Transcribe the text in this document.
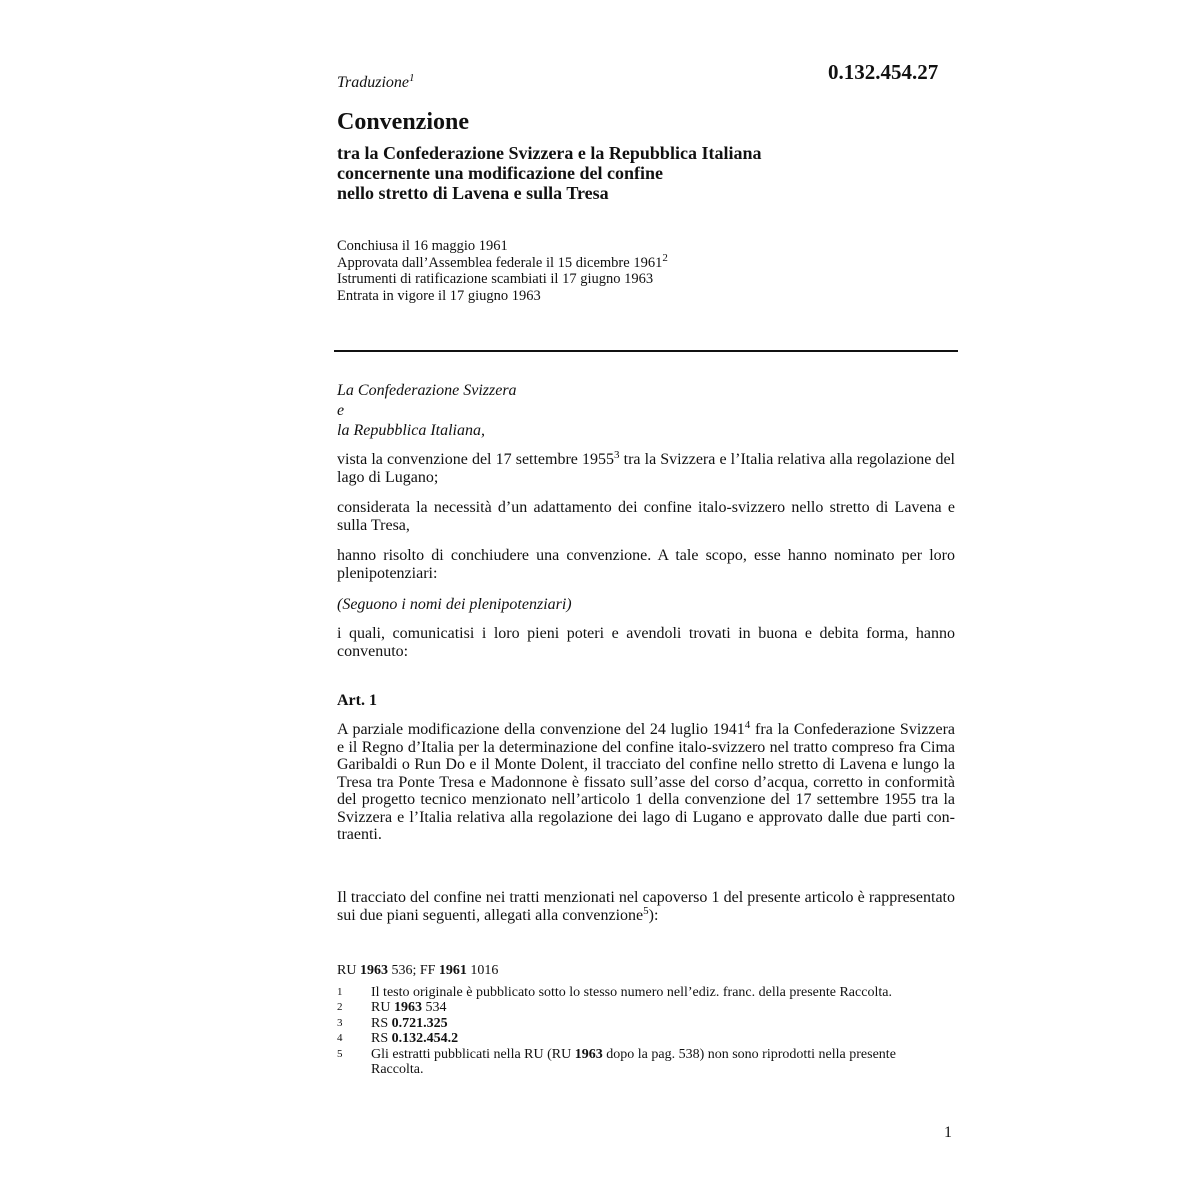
0.132.454.27
Traduzione$^1$
Convenzione
tra la Confederazione Svizzera e la Repubblica Italiana
concernente una modificazione del confine
nello stretto di Lavena e sulla Tresa
Conchiusa il 16 maggio 1961
Approvata dall’Assemblea federale il 15 dicembre 1961$^2$
Istrumenti di ratificazione scambiati il 17 giugno 1963
Entrata in vigore il 17 giugno 1963
La Confederazione Svizzera
e
la Repubblica Italiana,

vista la convenzione del 17 settembre 1955$^3$ tra la Svizzera e l’Italia relativa alla regolazione del lago di Lugano;

considerata la necessità d’un adattamento dei confine italo-svizzero nello stretto di Lavena e sulla Tresa,

hanno risolto di conchiudere una convenzione. A tale scopo, esse hanno nominato per loro plenipotenziari:

(Seguono i nomi dei plenipotenziari)

i quali, comunicatisi i loro pieni poteri e avendoli trovati in buona e debita forma, hanno convenuto:

Art. 1

A parziale modificazione della convenzione del 24 luglio 1941$^4$ fra la Confederazione Svizzera e il Regno d’Italia per la determinazione del confine italo-svizzero nel tratto compreso fra Cima Garibaldi o Run Do e il Monte Dolent, il tracciato del confine nello stretto di Lavena e lungo la Tresa tra Ponte Tresa e Madonnone è fissato sull’asse del corso d’acqua, corretto in conformità del progetto tecnico menzionato nell’articolo 1 della convenzione del 17 settembre 1955 tra la Svizzera e l’Italia relativa alla regolazione dei lago di Lugano e approvato dalle due parti contraenti.

Il tracciato del confine nei tratti menzionati nel capoverso 1 del presente articolo è rappresentato sui due piani seguenti, allegati alla convenzione$^5$):

RU 1963 536; FF 1961 1016
1	Il testo originale è pubblicato sotto lo stesso numero nell’ediz. franc. della presente Raccolta.
2	RU 1963 534
3	RS 0.721.325
4	RS 0.132.454.2
5	Gli estratti pubblicati nella RU (RU 1963 dopo la pag. 538) non sono riprodotti nella presente Raccolta.
1
